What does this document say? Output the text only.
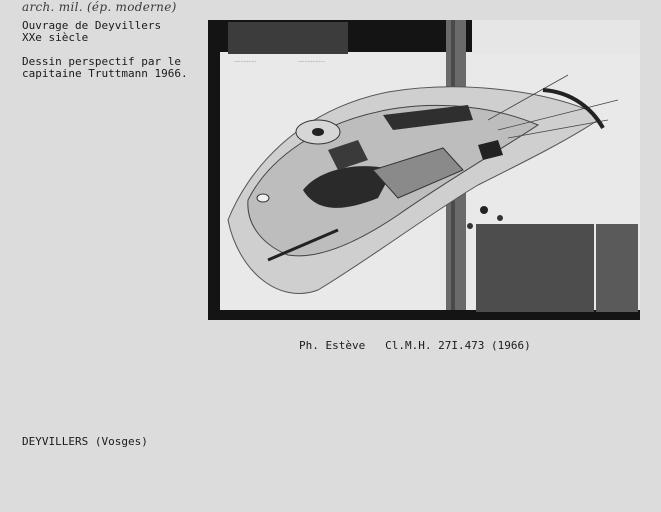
arch. mil. (ép. moderne)
Ouvrage de Deyvillers
XXe siècle
Dessin perspectif par le
capitaine Truttmann 1966.
..............	.................
Ph. Estève   Cl.M.H. 27I.473 (1966)
DEYVILLERS (Vosges)
